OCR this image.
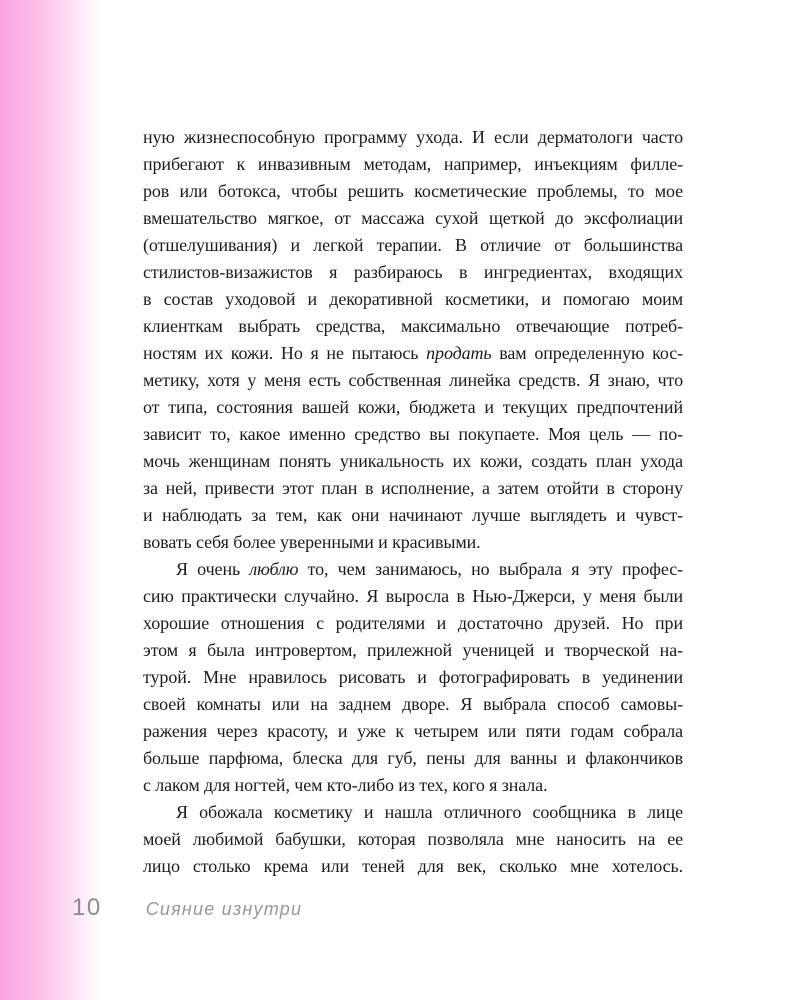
ную жизнеспособную программу ухода. И если дерматологи часто
прибегают к инвазивным методам, например, инъекциям филле-
ров или ботокса, чтобы решить косметические проблемы, то мое
вмешательство мягкое, от массажа сухой щеткой до эксфолиации
(отшелушивания) и легкой терапии. В отличие от большинства
стилистов-визажистов я разбираюсь в ингредиентах, входящих
в состав уходовой и декоративной косметики, и помогаю моим
клиенткам выбрать средства, максимально отвечающие потреб-
ностям их кожи. Но я не пытаюсь продать вам определенную кос-
метику, хотя у меня есть собственная линейка средств. Я знаю, что
от типа, состояния вашей кожи, бюджета и текущих предпочтений
зависит то, какое именно средство вы покупаете. Моя цель — по-
мочь женщинам понять уникальность их кожи, создать план ухода
за ней, привести этот план в исполнение, а затем отойти в сторону
и наблюдать за тем, как они начинают лучше выглядеть и чувст-
вовать себя более уверенными и красивыми.
Я очень люблю то, чем занимаюсь, но выбрала я эту профес-
сию практически случайно. Я выросла в Нью-Джерси, у меня были
хорошие отношения с родителями и достаточно друзей. Но при
этом я была интровертом, прилежной ученицей и творческой на-
турой. Мне нравилось рисовать и фотографировать в уединении
своей комнаты или на заднем дворе. Я выбрала способ самовы-
ражения через красоту, и уже к четырем или пяти годам собрала
больше парфюма, блеска для губ, пены для ванны и флакончиков
с лаком для ногтей, чем кто-либо из тех, кого я знала.
Я обожала косметику и нашла отличного сообщника в лице
моей любимой бабушки, которая позволяла мне наносить на ее
лицо столько крема или теней для век, сколько мне хотелось.
10 Сияние изнутри
